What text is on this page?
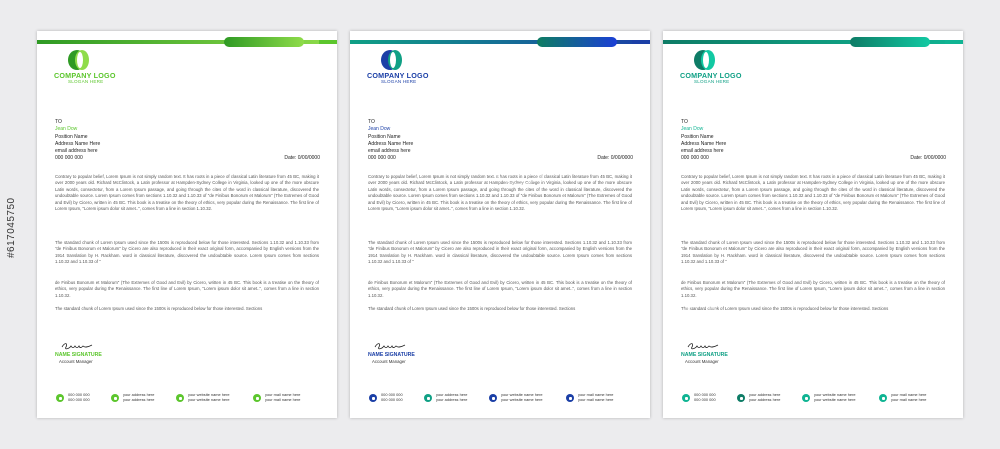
COMPANY LOGO
SLOGAN HERE
TO
Jean Dow
Position Name
Address Name Here
email address here
000 000 000	Date: 0/00/0000
Contrary to popular belief, Lorem Ipsum is not simply random text. It has roots in a piece of classical Latin literature from 45 BC, making it over 2000 years old. Richard McClintock, a Latin professor at Hampden-Sydney College in Virginia, looked up one of the more obscure Latin words, consectetur, from a Lorem Ipsum passage, and going through the cites of the word in classical literature, discovered the undoubtable source. Lorem Ipsum comes from sections 1.10.32 and 1.10.33 of "de Finibus Bonorum et Malorum" (The Extremes of Good and Evil) by Cicero, written in 45 BC. This book is a treatise on the theory of ethics, very popular during the Renaissance. The first line of Lorem Ipsum, "Lorem ipsum dolor sit amet..", comes from a line in section 1.10.32.
The standard chunk of Lorem Ipsum used since the 1500s is reproduced below for those interested. Sections 1.10.32 and 1.10.33 from "de Finibus Bonorum et Malorum" by Cicero are also reproduced in their exact original form, accompanied by English versions from the 1914 translation by H. Rackham. word in classical literature, discovered the undoubtable source. Lorem Ipsum comes from sections 1.10.32 and 1.10.33 of "
de Finibus Bonorum et Malorum" (The Extremes of Good and Evil) by Cicero, written in 45 BC. This book is a treatise on the theory of ethics, very popular during the Renaissance. The first line of Lorem Ipsum, "Lorem ipsum dolor sit amet..", comes from a line in section 1.10.32.
The standard chunk of Lorem Ipsum used since the 1500s is reproduced below for those interested. Sections
NAME SIGNATURE
Account Manager
000 000 000
000 000 000
your address here
your address here
your website name here
your website name here
your mail name here
your mail name here
COMPANY LOGO
SLOGAN HERE
TO
Jean Dow
Position Name
Address Name Here
email address here
000 000 000	Date: 0/00/0000
Contrary to popular belief, Lorem Ipsum is not simply random text. It has roots in a piece of classical Latin literature from 45 BC, making it over 2000 years old. Richard McClintock, a Latin professor at Hampden-Sydney College in Virginia, looked up one of the more obscure Latin words, consectetur, from a Lorem Ipsum passage, and going through the cites of the word in classical literature, discovered the undoubtable source. Lorem Ipsum comes from sections 1.10.32 and 1.10.33 of "de Finibus Bonorum et Malorum" (The Extremes of Good and Evil) by Cicero, written in 45 BC. This book is a treatise on the theory of ethics, very popular during the Renaissance. The first line of Lorem Ipsum, "Lorem ipsum dolor sit amet..", comes from a line in section 1.10.32.
The standard chunk of Lorem Ipsum used since the 1500s is reproduced below for those interested. Sections 1.10.32 and 1.10.33 from "de Finibus Bonorum et Malorum" by Cicero are also reproduced in their exact original form, accompanied by English versions from the 1914 translation by H. Rackham. word in classical literature, discovered the undoubtable source. Lorem Ipsum comes from sections 1.10.32 and 1.10.33 of "
de Finibus Bonorum et Malorum" (The Extremes of Good and Evil) by Cicero, written in 45 BC. This book is a treatise on the theory of ethics, very popular during the Renaissance. The first line of Lorem Ipsum, "Lorem ipsum dolor sit amet..", comes from a line in section 1.10.32.
The standard chunk of Lorem Ipsum used since the 1500s is reproduced below for those interested. Sections
NAME SIGNATURE
Account Manager
000 000 000
000 000 000
your address here
your address here
your website name here
your website name here
your mail name here
your mail name here
COMPANY LOGO
SLOGAN HERE
TO
Jean Dow
Position Name
Address Name Here
email address here
000 000 000	Date: 0/00/0000
Contrary to popular belief, Lorem Ipsum is not simply random text. It has roots in a piece of classical Latin literature from 45 BC, making it over 2000 years old. Richard McClintock, a Latin professor at Hampden-Sydney College in Virginia, looked up one of the more obscure Latin words, consectetur, from a Lorem Ipsum passage, and going through the cites of the word in classical literature, discovered the undoubtable source. Lorem Ipsum comes from sections 1.10.32 and 1.10.33 of "de Finibus Bonorum et Malorum" (The Extremes of Good and Evil) by Cicero, written in 45 BC. This book is a treatise on the theory of ethics, very popular during the Renaissance. The first line of Lorem Ipsum, "Lorem ipsum dolor sit amet..", comes from a line in section 1.10.32.
The standard chunk of Lorem Ipsum used since the 1500s is reproduced below for those interested. Sections 1.10.32 and 1.10.33 from "de Finibus Bonorum et Malorum" by Cicero are also reproduced in their exact original form, accompanied by English versions from the 1914 translation by H. Rackham. word in classical literature, discovered the undoubtable source. Lorem Ipsum comes from sections 1.10.32 and 1.10.33 of "
de Finibus Bonorum et Malorum" (The Extremes of Good and Evil) by Cicero, written in 45 BC. This book is a treatise on the theory of ethics, very popular during the Renaissance. The first line of Lorem Ipsum, "Lorem ipsum dolor sit amet..", comes from a line in section 1.10.32.
The standard chunk of Lorem Ipsum used since the 1500s is reproduced below for those interested. Sections
NAME SIGNATURE
Account Manager
000 000 000
000 000 000
your address here
your address here
your website name here
your website name here
your mail name here
your mail name here
#617045750
